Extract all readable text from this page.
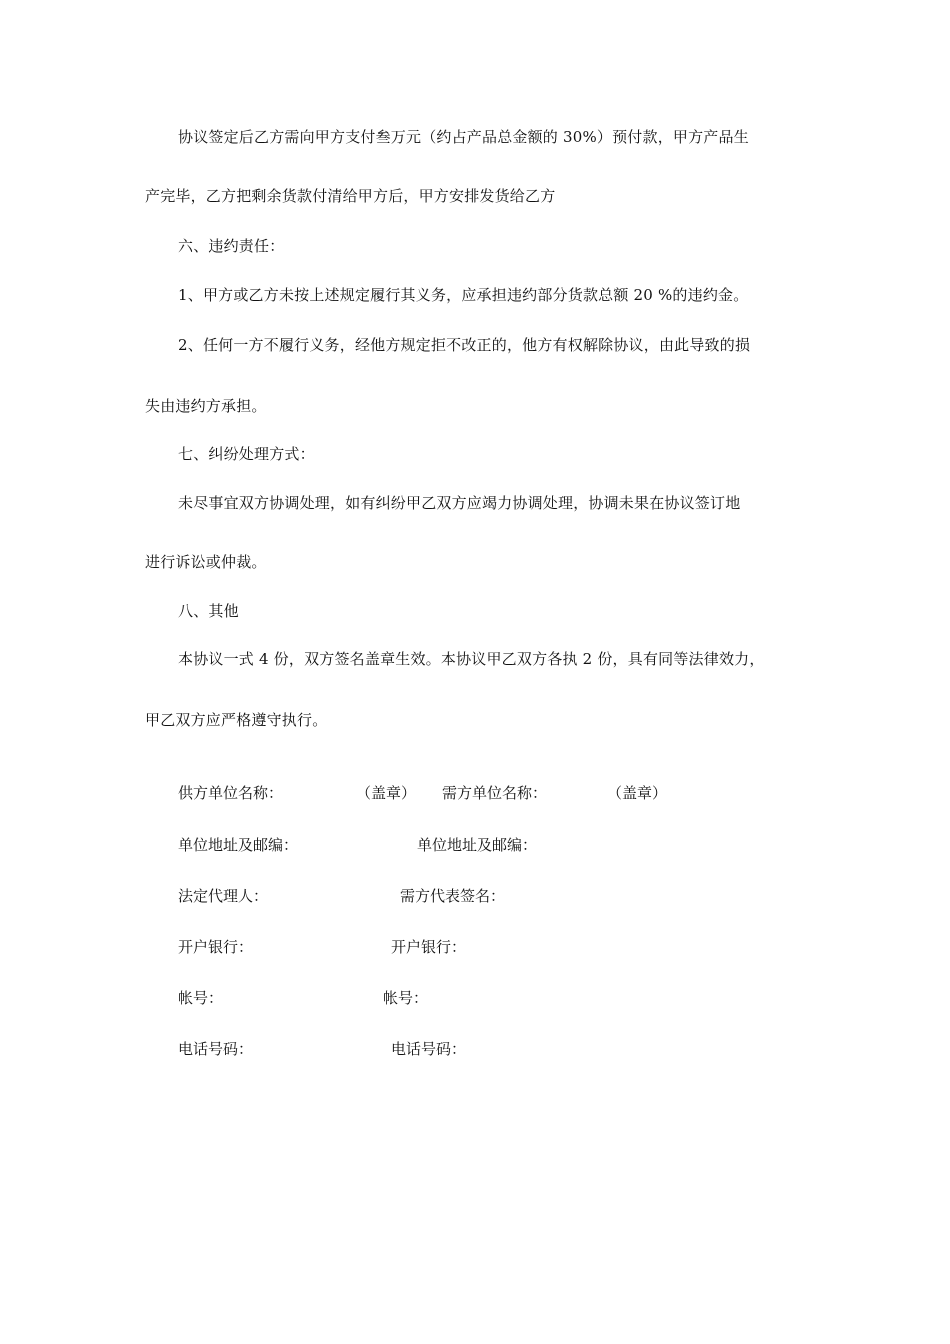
协议签定后乙方需向甲方支付叁万元（约占产品总金额的 30%）预付款，甲方产品生
产完毕，乙方把剩余货款付清给甲方后，甲方安排发货给乙方
六、违约责任：
1、甲方或乙方未按上述规定履行其义务，应承担违约部分货款总额 20 %的违约金。
2、任何一方不履行义务，经他方规定拒不改正的，他方有权解除协议，由此导致的损
失由违约方承担。
七、纠纷处理方式：
未尽事宜双方协调处理，如有纠纷甲乙双方应竭力协调处理，协调未果在协议签订地
进行诉讼或仲裁。
八、其他
本协议一式 4 份，双方签名盖章生效。本协议甲乙双方各执 2 份，具有同等法律效力，
甲乙双方应严格遵守执行。
供方单位名称：	（盖章） 需方单位名称：	（盖章）
单位地址及邮编：	单位地址及邮编：
法定代理人：	需方代表签名：
开户银行：	开户银行：
帐号：	帐号：
电话号码：	电话号码：
